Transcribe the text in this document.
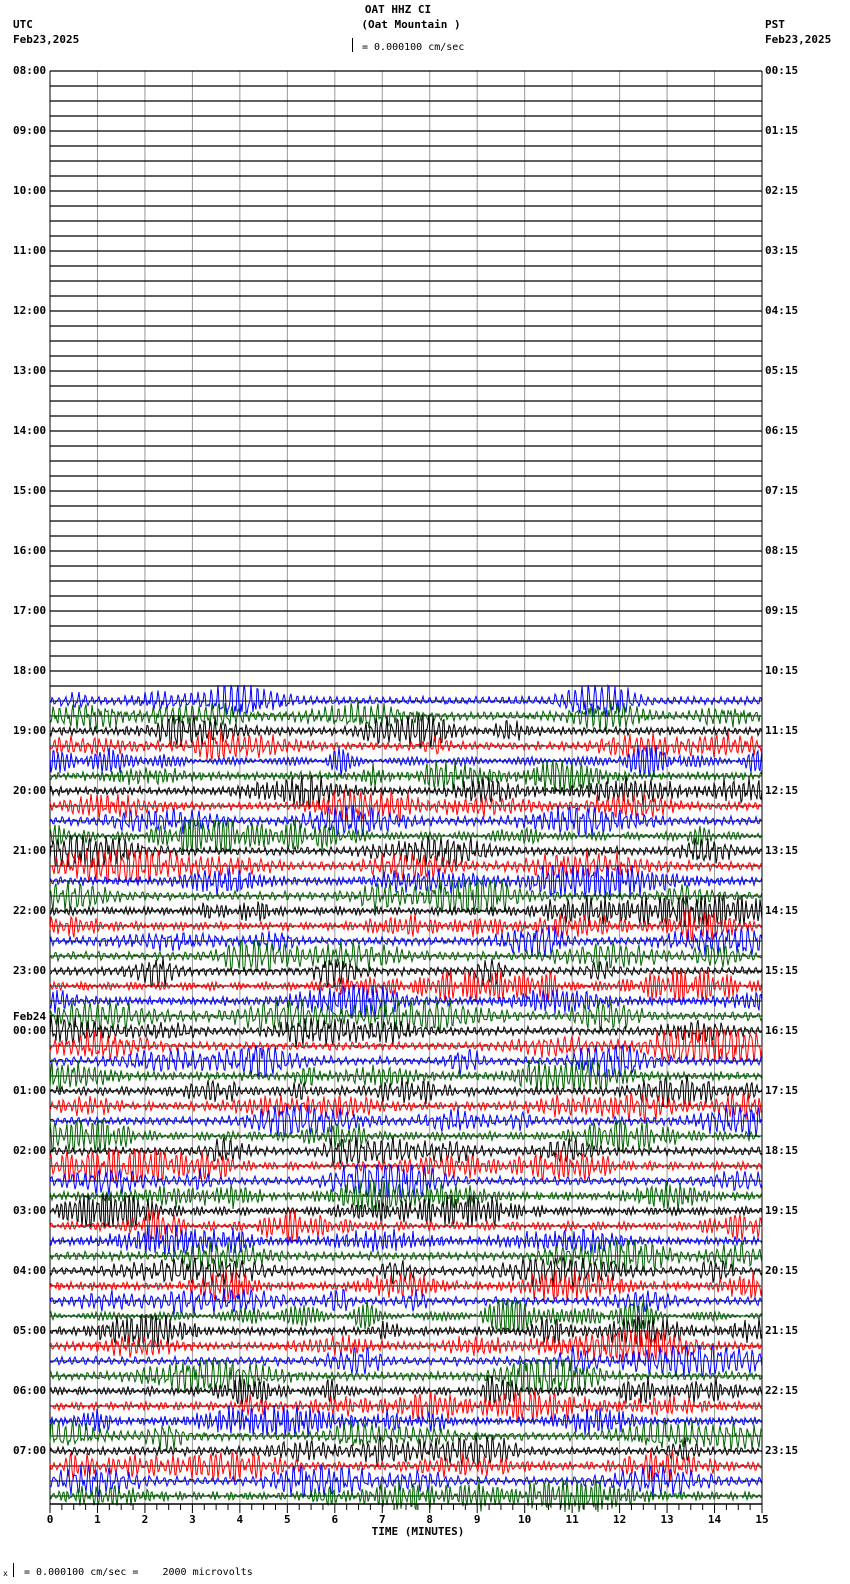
OAT HHZ CI
(Oat Mountain )
= 0.000100 cm/sec
UTC
Feb23,2025
PST
Feb23,2025
0	1	2	3	4	5	6	7	8	9	10	11	12	13	14	15
08:00
09:00
10:00
11:00
12:00
13:00
14:00
15:00
16:00
17:00
18:00
19:00
20:00
21:00
22:00
23:00
00:00
Feb24
01:00
02:00
03:00
04:00
05:00
06:00
07:00
00:15
01:15
02:15
03:15
04:15
05:15
06:15
07:15
08:15
09:15
10:15
11:15
12:15
13:15
14:15
15:15
16:15
17:15
18:15
19:15
20:15
21:15
22:15
23:15
TIME (MINUTES)
x = 0.000100 cm/sec =    2000 microvolts
